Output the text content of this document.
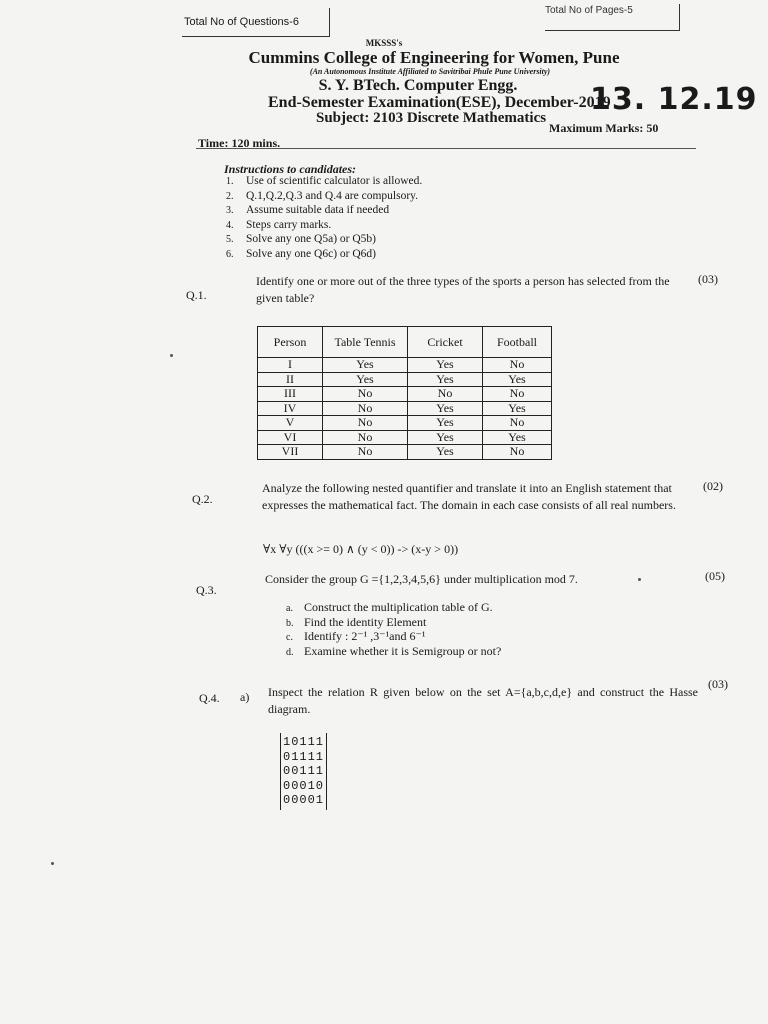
Total No of Questions-6
Total No of Pages-5
MKSSS's
Cummins College of Engineering for Women, Pune
(An Autonomous Institute Affiliated to Savitribai Phule Pune University)
S. Y. BTech. Computer Engg.
End-Semester Examination(ESE), December-2019
13. 12.19
Subject: 2103 Discrete Mathematics
Maximum Marks: 50
Time: 120 mins.
Instructions to candidates:
1. Use of scientific calculator is allowed.
2. Q.1,Q.2,Q.3 and Q.4 are compulsory.
3. Assume suitable data if needed
4. Steps carry marks.
5. Solve any one Q5a) or Q5b)
6. Solve any one Q6c) or Q6d)
Q.1.
Identify one or more out of the three types of the sports a person has selected from the given table?
(03)
Person	Table Tennis	Cricket	Football
I	Yes	Yes	No
II	Yes	Yes	Yes
III	No	No	No
IV	No	Yes	Yes
V	No	Yes	No
VI	No	Yes	Yes
VII	No	Yes	No
Q.2.
Analyze the following nested quantifier and translate it into an English statement that expresses the mathematical fact. The domain in each case consists of all real numbers.
(02)
∀x ∀y (((x >= 0) ∧ (y < 0)) -> (x-y > 0))
Q.3.
Consider the group G ={1,2,3,4,5,6} under multiplication mod 7.	(05)
a. Construct the multiplication table of G.
b. Find the identity Element
c. Identify : 2⁻¹ ,3⁻¹and 6⁻¹
d. Examine whether it is Semigroup or not?
Q.4. a) Inspect the relation R given below on the set A={a,b,c,d,e} and construct the Hasse diagram.
(03)
10111
01111
00111
00010
00001
